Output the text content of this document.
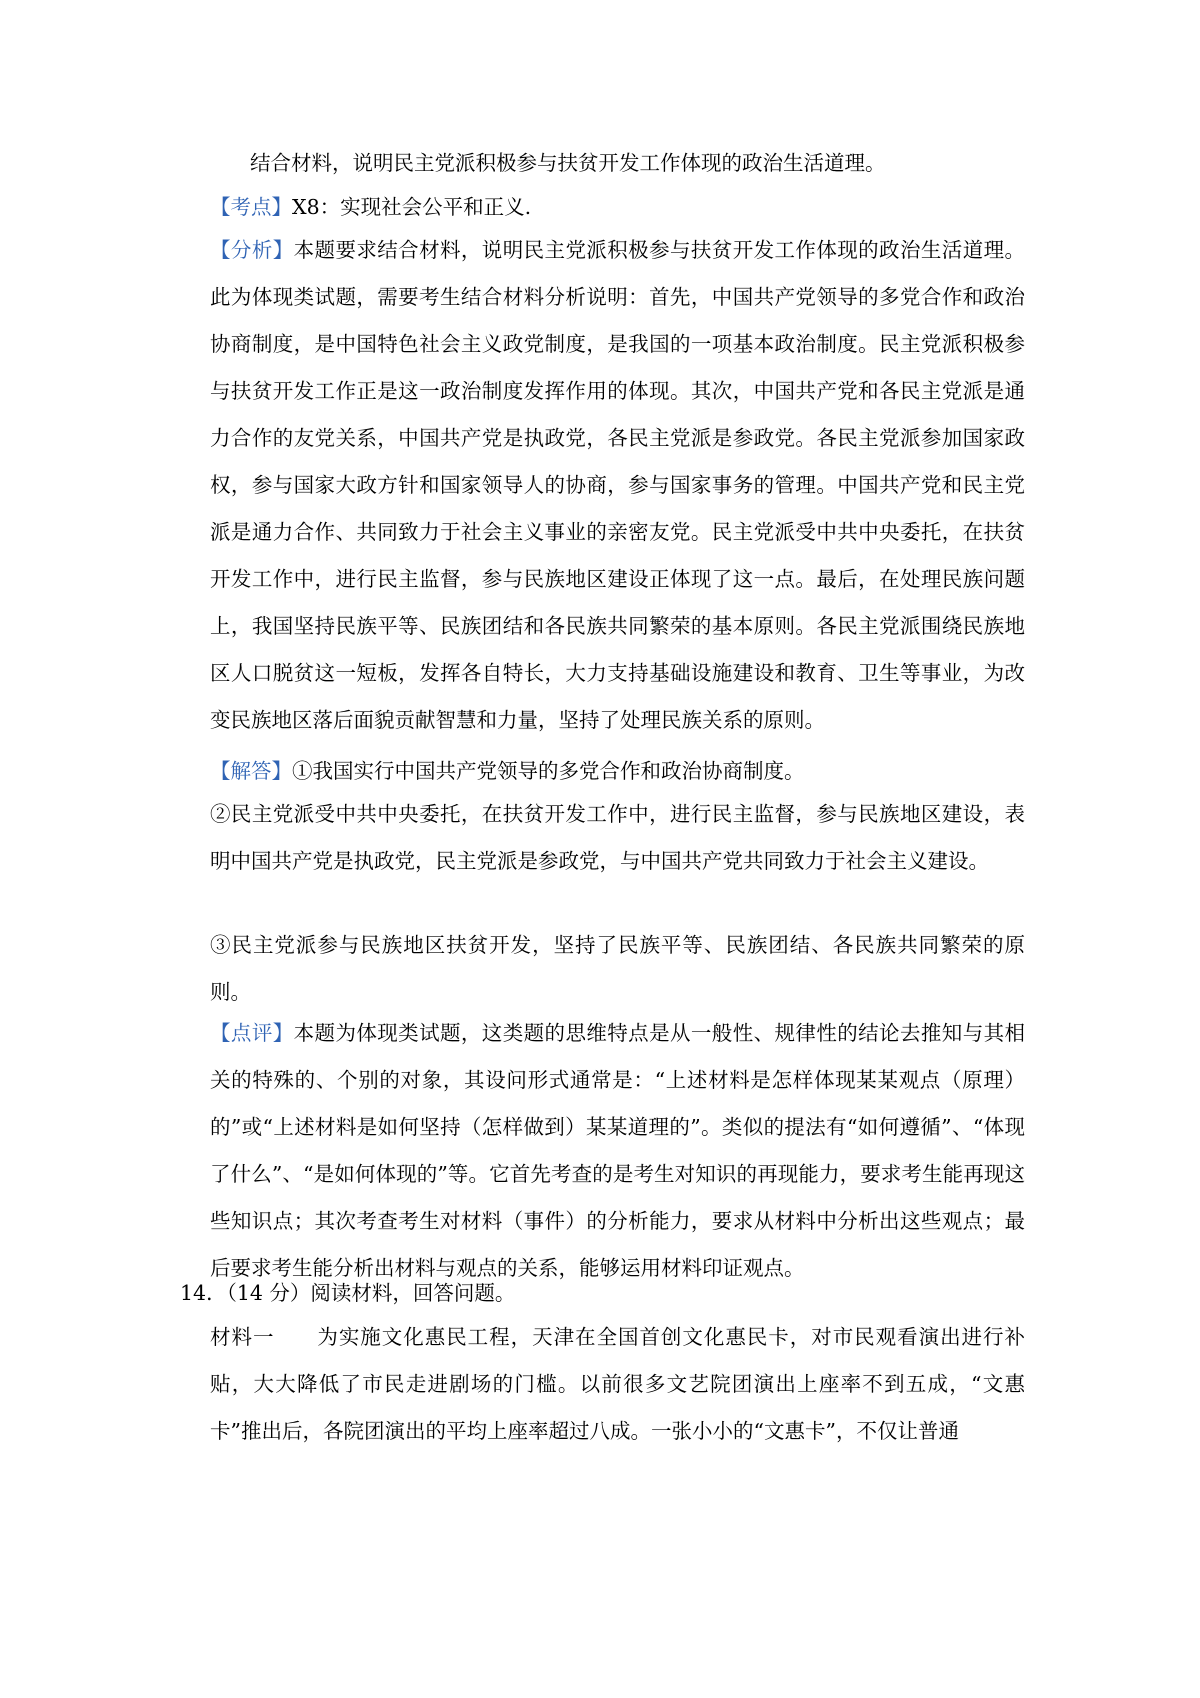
结合材料，说明民主党派积极参与扶贫开发工作体现的政治生活道理。

【考点】X8：实现社会公平和正义.

【分析】本题要求结合材料，说明民主党派积极参与扶贫开发工作体现的政治生活道理。此为体现类试题，需要考生结合材料分析说明：首先，中国共产党领导的多党合作和政治协商制度，是中国特色社会主义政党制度，是我国的一项基本政治制度。民主党派积极参与扶贫开发工作正是这一政治制度发挥作用的体现。其次，中国共产党和各民主党派是通力合作的友党关系，中国共产党是执政党，各民主党派是参政党。各民主党派参加国家政权，参与国家大政方针和国家领导人的协商，参与国家事务的管理。中国共产党和民主党派是通力合作、共同致力于社会主义事业的亲密友党。民主党派受中共中央委托，在扶贫开发工作中，进行民主监督，参与民族地区建设正体现了这一点。最后，在处理民族问题上，我国坚持民族平等、民族团结和各民族共同繁荣的基本原则。各民主党派围绕民族地区人口脱贫这一短板，发挥各自特长，大力支持基础设施建设和教育、卫生等事业，为改变民族地区落后面貌贡献智慧和力量，坚持了处理民族关系的原则。

【解答】①我国实行中国共产党领导的多党合作和政治协商制度。

②民主党派受中共中央委托，在扶贫开发工作中，进行民主监督，参与民族地区建设，表明中国共产党是执政党，民主党派是参政党，与中国共产党共同致力于社会主义建设。

③民主党派参与民族地区扶贫开发，坚持了民族平等、民族团结、各民族共同繁荣的原则。

【点评】本题为体现类试题，这类题的思维特点是从一般性、规律性的结论去推知与其相关的特殊的、个别的对象，其设问形式通常是：“上述材料是怎样体现某某观点（原理）的”或“上述材料是如何坚持（怎样做到）某某道理的”。类似的提法有“如何遵循”、“体现了什么”、“是如何体现的”等。它首先考查的是考生对知识的再现能力，要求考生能再现这些知识点；其次考查考生对材料（事件）的分析能力，要求从材料中分析出这些观点；最后要求考生能分析出材料与观点的关系，能够运用材料印证观点。

14．（14 分）阅读材料，回答问题。

材料一　　为实施文化惠民工程，天津在全国首创文化惠民卡，对市民观看演出进行补贴，大大降低了市民走进剧场的门槛。以前很多文艺院团演出上座率不到五成，“文惠卡”推出后，各院团演出的平均上座率超过八成。一张小小的“文惠卡”，不仅让普通
